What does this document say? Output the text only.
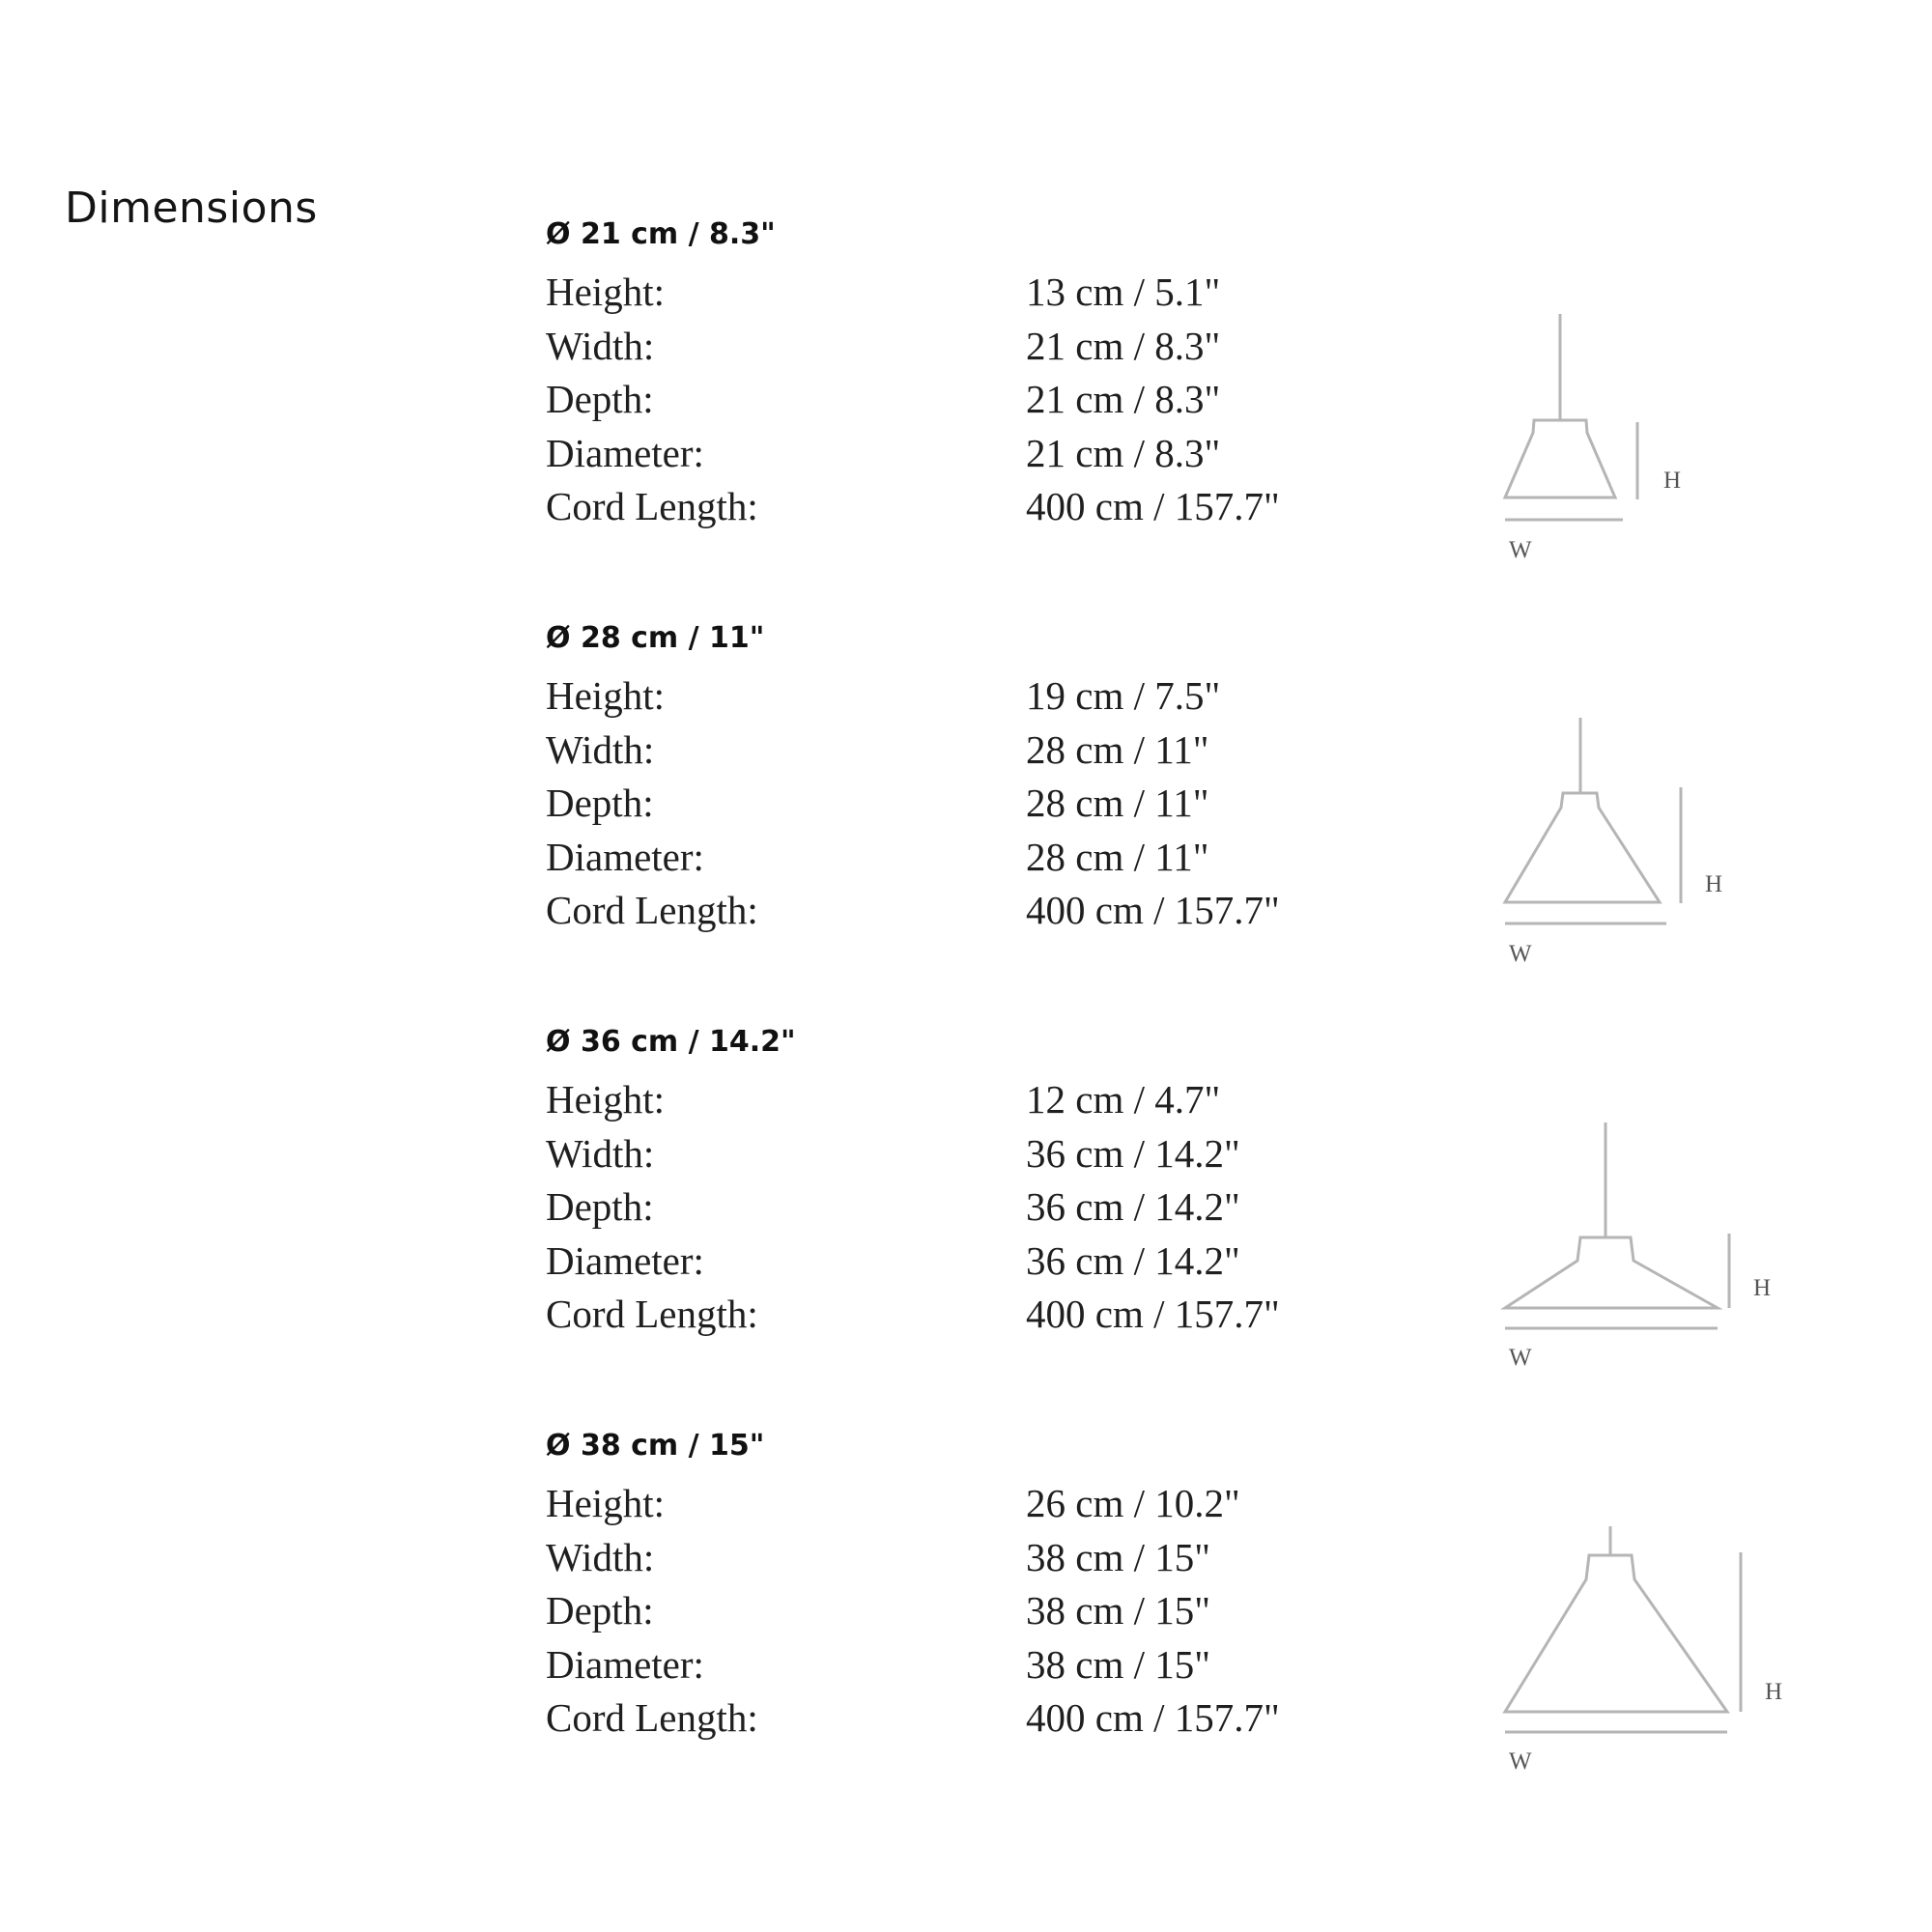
Dimensions
Ø 21 cm / 8.3"
Height:	13 cm / 5.1"
Width:	21 cm / 8.3"
Depth:	21 cm / 8.3"
Diameter:	21 cm / 8.3"
Cord Length:	400 cm / 157.7"
W
H
Ø 28 cm / 11"
Height:	19 cm / 7.5"
Width:	28 cm / 11"
Depth:	28 cm / 11"
Diameter:	28 cm / 11"
Cord Length:	400 cm / 157.7"
W
H
Ø 36 cm / 14.2"
Height:	12 cm / 4.7"
Width:	36 cm / 14.2"
Depth:	36 cm / 14.2"
Diameter:	36 cm / 14.2"
Cord Length:	400 cm / 157.7"
W
H
Ø 38 cm / 15"
Height:	26 cm / 10.2"
Width:	38 cm / 15"
Depth:	38 cm / 15"
Diameter:	38 cm / 15"
Cord Length:	400 cm / 157.7"
W
H
